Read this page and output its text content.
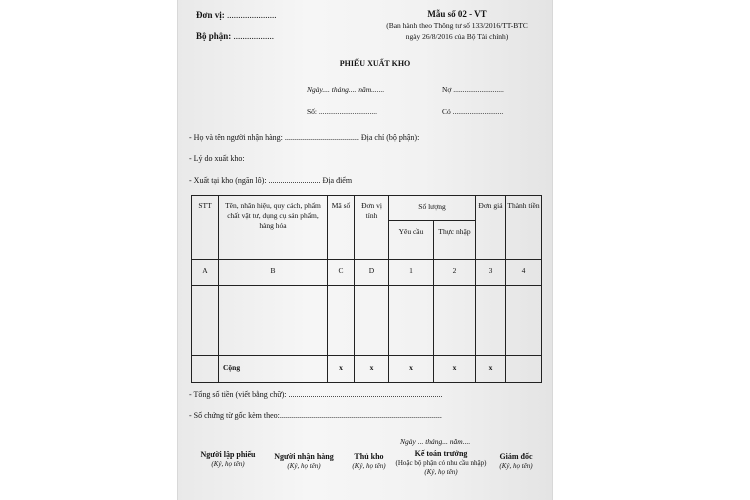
Đơn vị: ......................
Bộ phận: ..................
Mẫu số 02 - VT
(Ban hành theo Thông tư số 133/2016/TT-BTC
ngày 26/8/2016 của Bộ Tài chính)
PHIẾU XUẤT KHO
Ngày.... tháng.... năm.......	Nợ ...........................
Số: ...............................	Có ...........................
- Họ và tên người nhận hàng: ..................................... Địa chỉ (bộ phận):
- Lý do xuất kho:
- Xuất tại kho (ngăn lô): .......................... Địa điểm
STT	Tên, nhãn hiệu, quy cách, phẩm chất vật tư, dụng cụ sản phẩm, hàng hóa	Mã số	Đơn vị tính	Số lượng		Đơn giá	Thành tiền
				Yêu cầu	Thực nhập		
A	B	C	D	1	2	3	4

	Cộng	x	x	x	x	x	
- Tổng số tiền (viết bằng chữ): .............................................................................
- Số chứng từ gốc kèm theo:.................................................................................
Ngày ... tháng... năm....
Người lập phiếu
(Ký, họ tên)
Người nhận hàng
(Ký, họ tên)
Thủ kho
(Ký, họ tên)
Kế toán trưởng
(Hoặc bộ phận có nhu cầu nhập)
(Ký, họ tên)
Giám đốc
(Ký, họ tên)
